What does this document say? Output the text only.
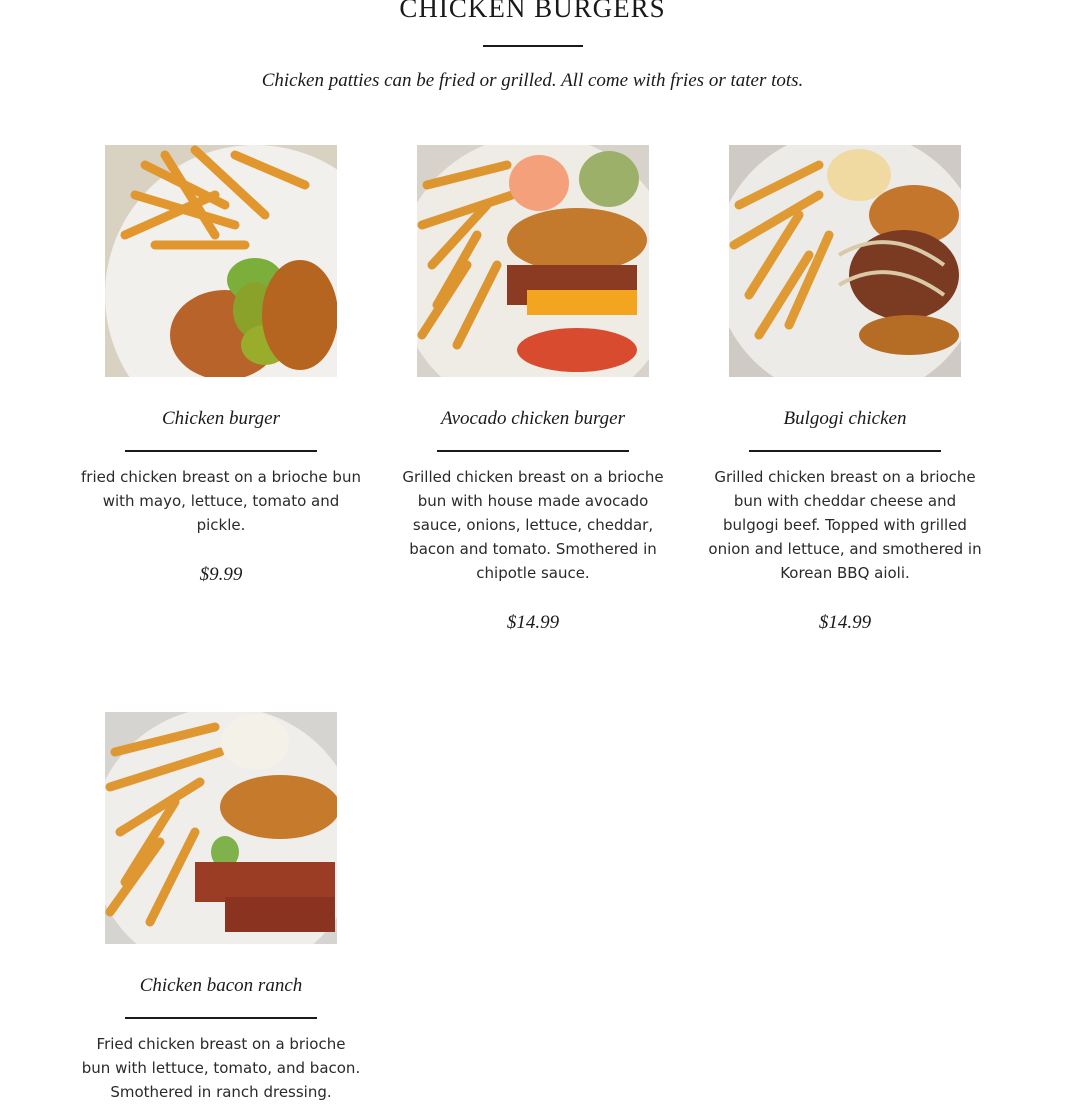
CHICKEN BURGERS

Chicken patties can be fried or grilled. All come with fries or tater tots.

Chicken burger
fried chicken breast on a brioche bun with mayo, lettuce, tomato and pickle.
$9.99
Avocado chicken burger
Grilled chicken breast on a brioche bun with house made avocado sauce, onions, lettuce, cheddar, bacon and tomato. Smothered in chipotle sauce.
$14.99
Bulgogi chicken
Grilled chicken breast on a brioche bun with cheddar cheese and bulgogi beef. Topped with grilled onion and lettuce, and smothered in Korean BBQ aioli.
$14.99
Chicken bacon ranch
Fried chicken breast on a brioche bun with lettuce, tomato, and bacon. Smothered in ranch dressing.
